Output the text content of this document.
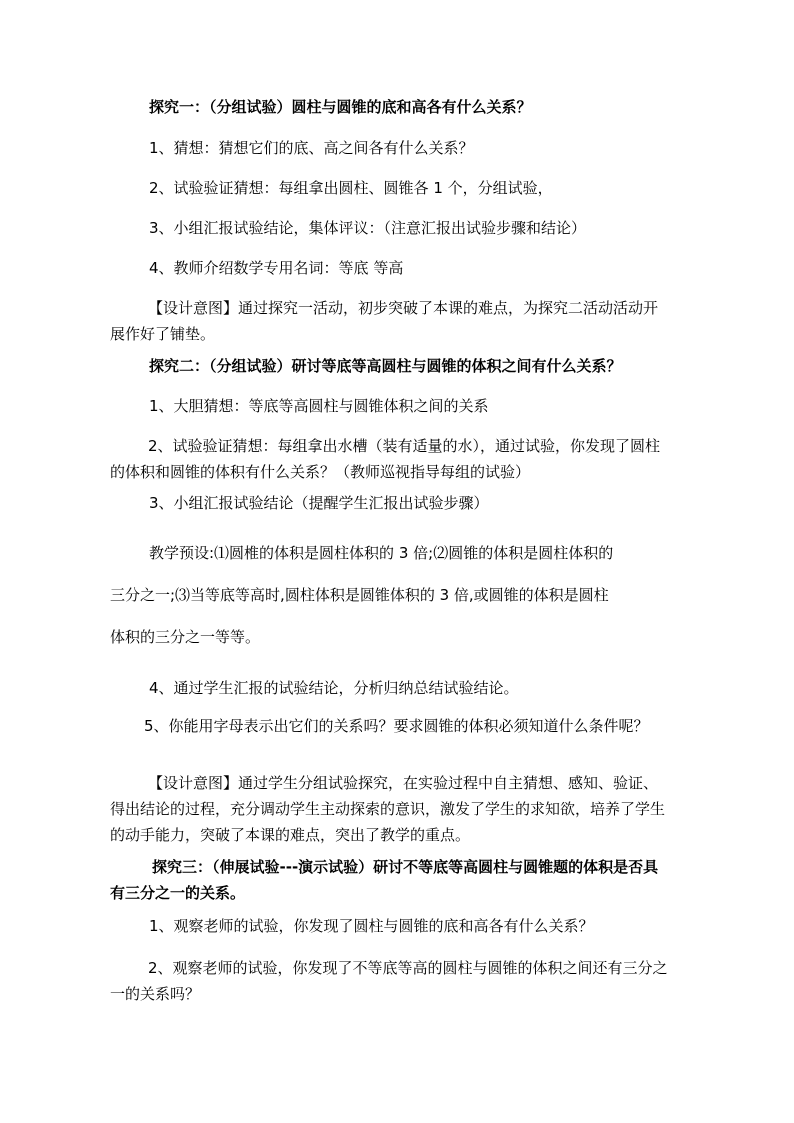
探究一：（分组试验）圆柱与圆锥的底和高各有什么关系？

1、猜想：猜想它们的底、高之间各有什么关系？

2、试验验证猜想：每组拿出圆柱、圆锥各 1 个，分组试验，

3、小组汇报试验结论，集体评议：（注意汇报出试验步骤和结论）

4、教师介绍数学专用名词：等底 等高

【设计意图】通过探究一活动，初步突破了本课的难点，为探究二活动活动开展作好了铺垫。

探究二：（分组试验）研讨等底等高圆柱与圆锥的体积之间有什么关系？

1、大胆猜想：等底等高圆柱与圆锥体积之间的关系

2、试验验证猜想：每组拿出水槽（装有适量的水），通过试验，你发现了圆柱的体积和圆锥的体积有什么关系？（教师巡视指导每组的试验）

3、小组汇报试验结论（提醒学生汇报出试验步骤）

教学预设:⑴圆椎的体积是圆柱体积的 3 倍;⑵圆锥的体积是圆柱体积的

三分之一;⑶当等底等高时,圆柱体积是圆锥体积的 3 倍,或圆锥的体积是圆柱

体积的三分之一等等。

4、通过学生汇报的试验结论，分析归纳总结试验结论。

5、你能用字母表示出它们的关系吗？要求圆锥的体积必须知道什么条件呢？

【设计意图】通过学生分组试验探究，在实验过程中自主猜想、感知、验证、得出结论的过程，充分调动学生主动探索的意识，激发了学生的求知欲，培养了学生的动手能力，突破了本课的难点，突出了教学的重点。

探究三：（伸展试验---演示试验）研讨不等底等高圆柱与圆锥题的体积是否具有三分之一的关系。

1、观察老师的试验，你发现了圆柱与圆锥的底和高各有什么关系？

2、观察老师的试验，你发现了不等底等高的圆柱与圆锥的体积之间还有三分之一的关系吗？
